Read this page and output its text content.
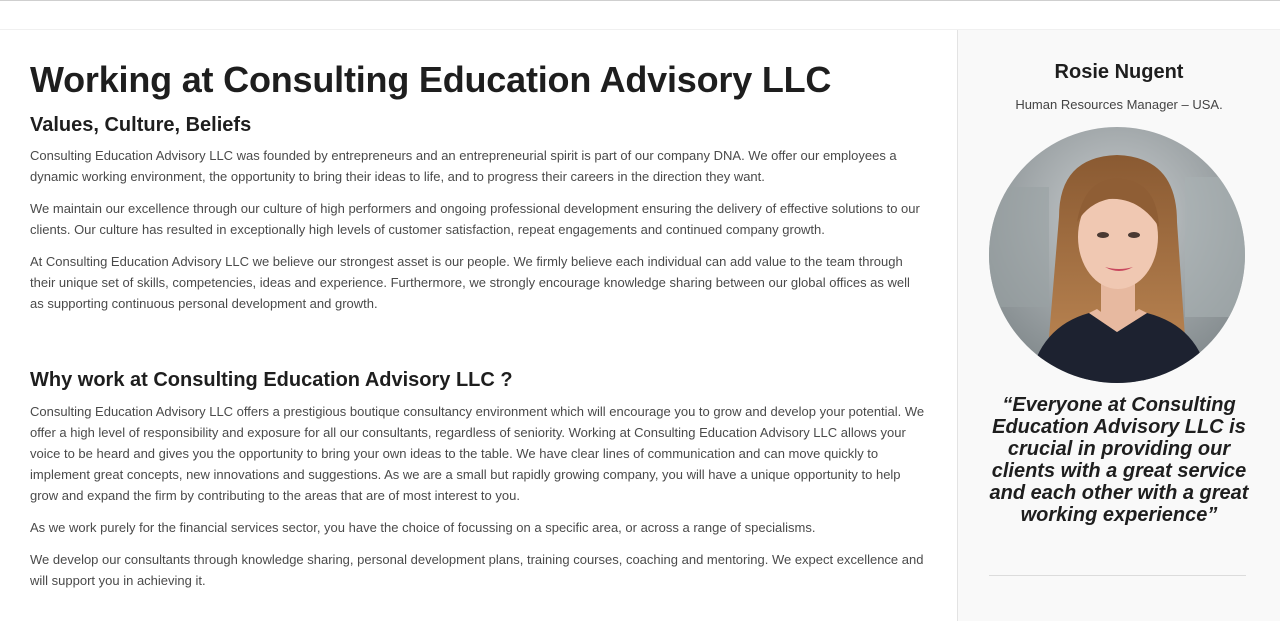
Working at Consulting Education Advisory LLC
Values, Culture, Beliefs

Consulting Education Advisory LLC was founded by entrepreneurs and an entrepreneurial spirit is part of our company DNA. We offer our employees a dynamic working environment, the opportunity to bring their ideas to life, and to progress their careers in the direction they want.

We maintain our excellence through our culture of high performers and ongoing professional development ensuring the delivery of effective solutions to our clients. Our culture has resulted in exceptionally high levels of customer satisfaction, repeat engagements and continued company growth.

At Consulting Education Advisory LLC we believe our strongest asset is our people. We firmly believe each individual can add value to the team through their unique set of skills, competencies, ideas and experience. Furthermore, we strongly encourage knowledge sharing between our global offices as well as supporting continuous personal development and growth.

Why work at Consulting Education Advisory LLC ?

Consulting Education Advisory LLC offers a prestigious boutique consultancy environment which will encourage you to grow and develop your potential. We offer a high level of responsibility and exposure for all our consultants, regardless of seniority. Working at Consulting Education Advisory LLC allows your voice to be heard and gives you the opportunity to bring your own ideas to the table. We have clear lines of communication and can move quickly to implement great concepts, new innovations and suggestions. As we are a small but rapidly growing company, you will have a unique opportunity to help grow and expand the firm by contributing to the areas that are of most interest to you.

As we work purely for the financial services sector, you have the choice of focussing on a specific area, or across a range of specialisms.

We develop our consultants through knowledge sharing, personal development plans, training courses, coaching and mentoring. We expect excellence and will support you in achieving it.

Rosie Nugent
Human Resources Manager – USA.

“Everyone at Consulting Education Advisory LLC is crucial in providing our clients with a great service and each other with a great working experience”
